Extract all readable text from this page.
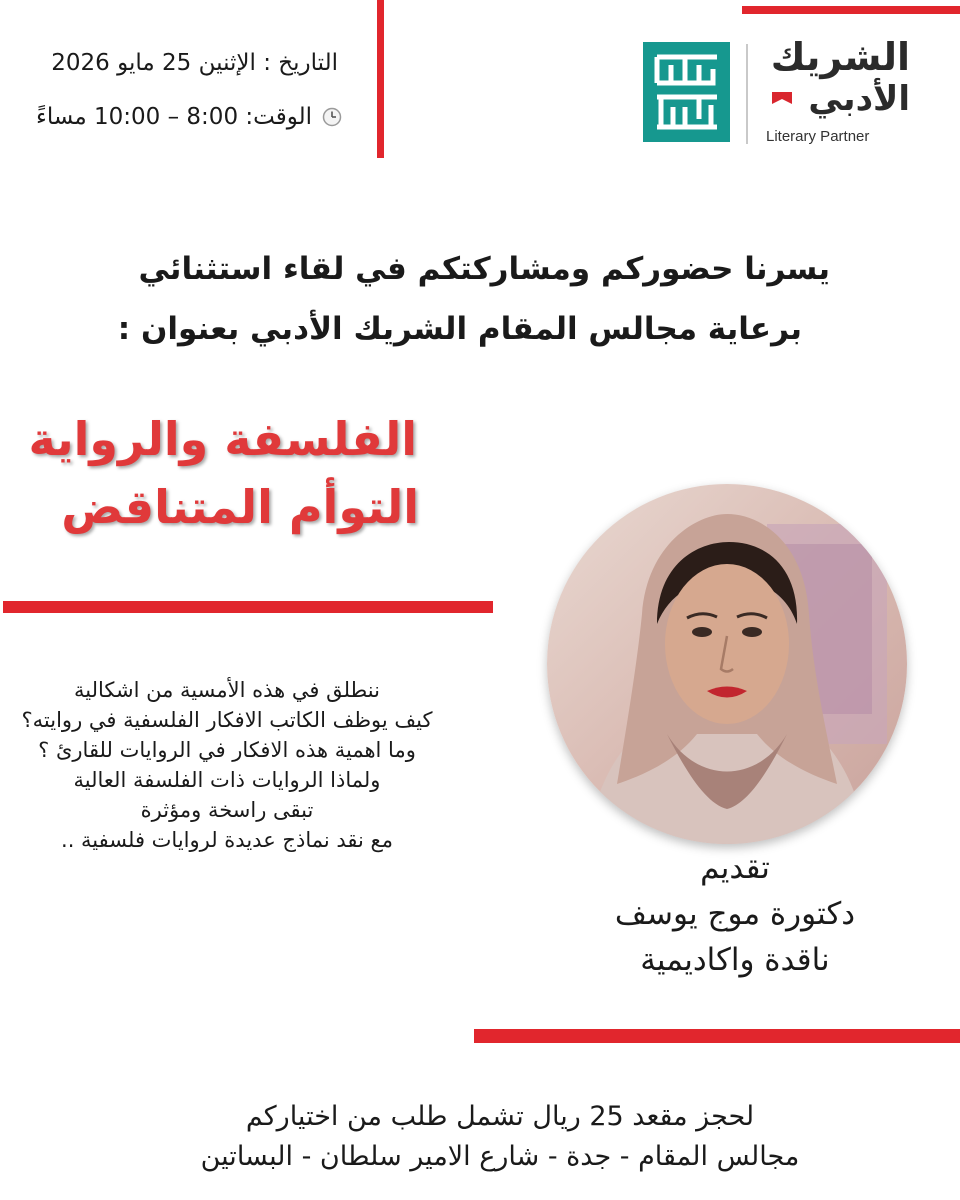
التاريخ : الإثنين 25 مايو 2026
الوقت: 8:00 – 10:00 مساءً
الشريك
الأدبي
Literary Partner
يسرنا حضوركم ومشاركتكم في لقاء استثنائي
برعاية مجالس المقام الشريك الأدبي بعنوان :
الفلسفة والرواية
التوأم المتناقض
ننطلق في هذه الأمسية من اشكالية
كيف يوظف الكاتب الافكار الفلسفية في روايته؟
وما اهمية هذه الافكار في الروايات للقارئ ؟
ولماذا الروايات ذات الفلسفة العالية
تبقى راسخة ومؤثرة
مع نقد نماذج عديدة لروايات فلسفية ..
تقديم
دكتورة موج يوسف
ناقدة واكاديمية
لحجز مقعد 25 ريال تشمل طلب من اختياركم
مجالس المقام - جدة - شارع الامير سلطان - البساتين
